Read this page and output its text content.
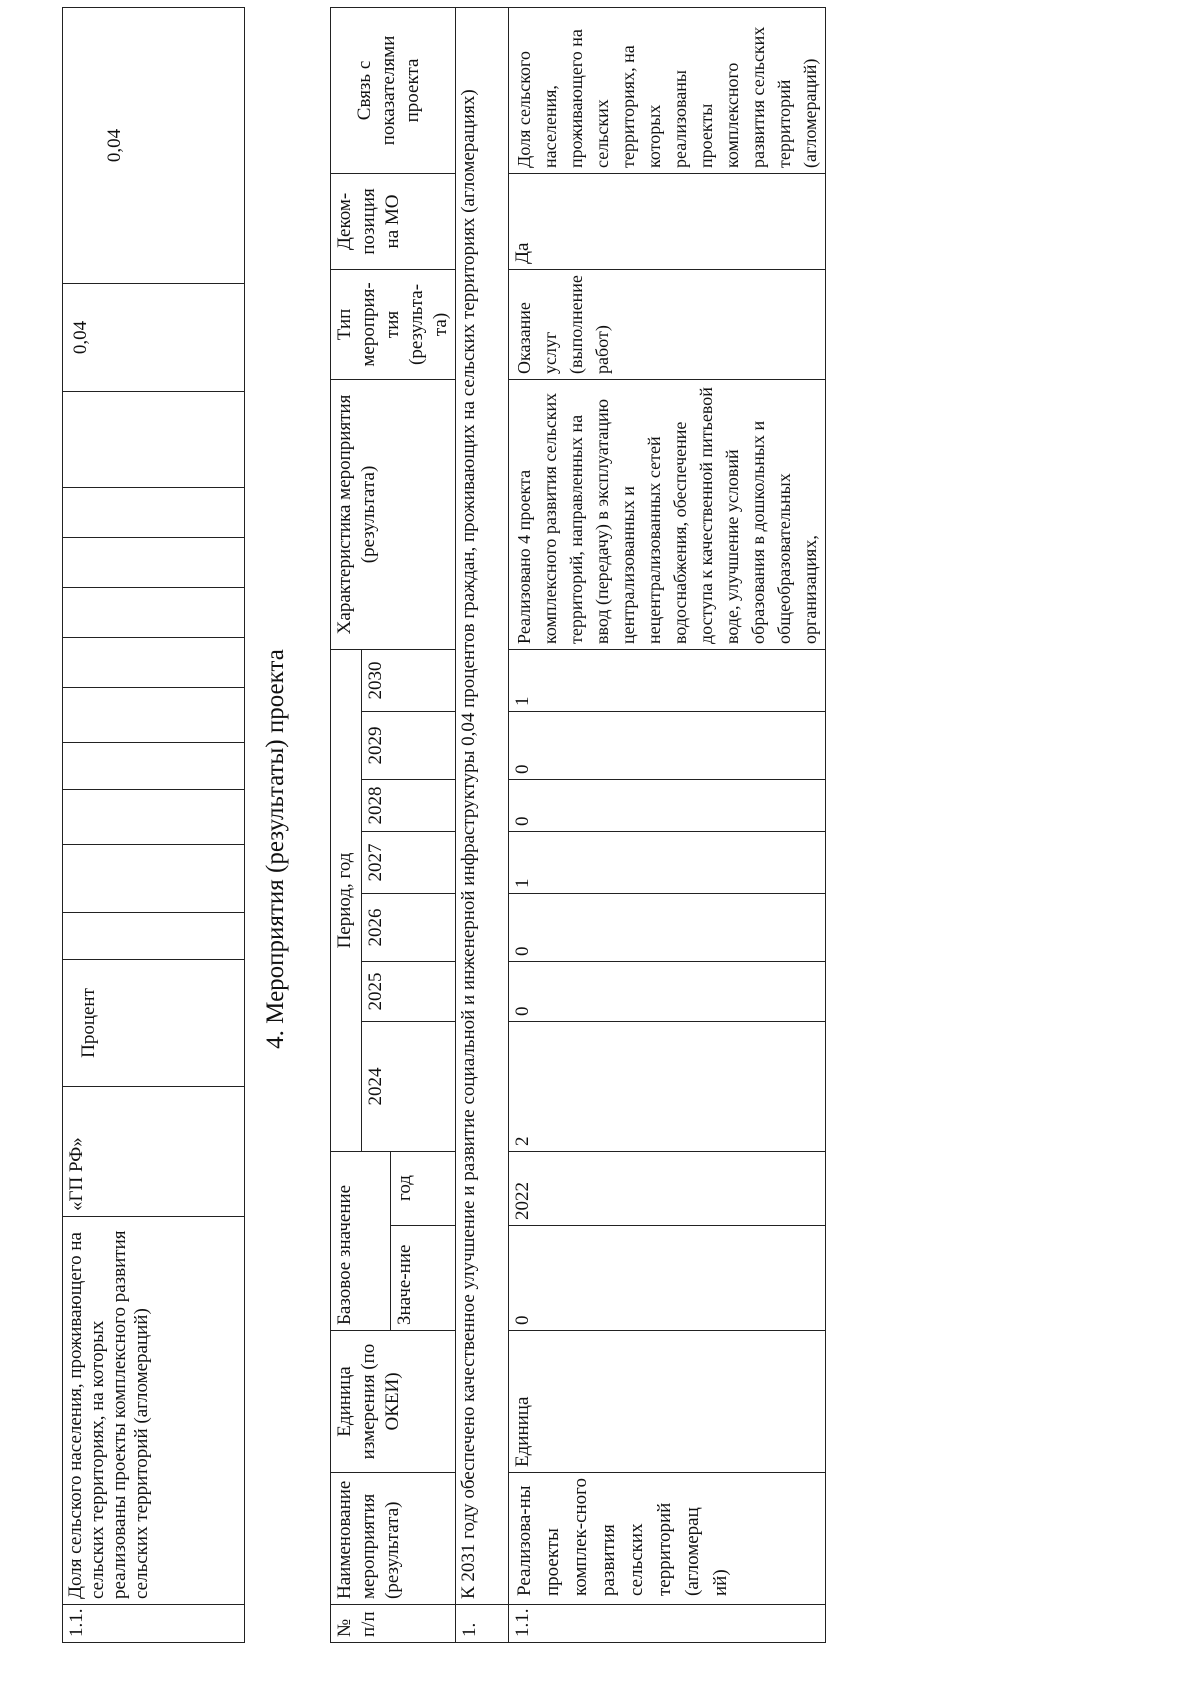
1.1.	Доля сельского населения, проживающего на сельских территориях, на которых реализованы проекты комплексного развития сельских территорий (агломераций)	«ГП РФ»	Процент											0,04	0,04
4. Мероприятия (результаты) проекта
№ п/п	Наименование мероприятия (результата)	Единица измерения (по ОКЕИ)	Базовое значение		Период, год							Характеристика мероприятия (результата)	Тип мероприя-тия (результа-та)	Деком-позиция на МО	Связь с показателями проекта
					2024	2025	2026	2027	2028	2029	2030				
			Значе-ние	год											
1.	К 2031 году обеспечено качественное улучшение и развитие социальной и инженерной инфраструктуры 0,04 процентов граждан, проживающих на сельских территориях (агломерациях)														
1.1.	Реализова-ны проекты комплек-сного развития сельских территорий (агломерац ий)	Единица	0	2022	2	0	0	1	0	0	1	Реализовано 4 проекта комплексного развития сельских территорий, направленных на ввод (передачу) в эксплуатацию централизованных и нецентрализованных сетей водоснабжения, обеспечение доступа к качественной питьевой воде, улучшение условий образования в дошкольных и общеобразовательных организациях,	Оказание услуг (выполнение работ)	Да	Доля сельского населения, проживающего на сельских территориях, на которых реализованы проекты комплексного развития сельских территорий (агломераций)
